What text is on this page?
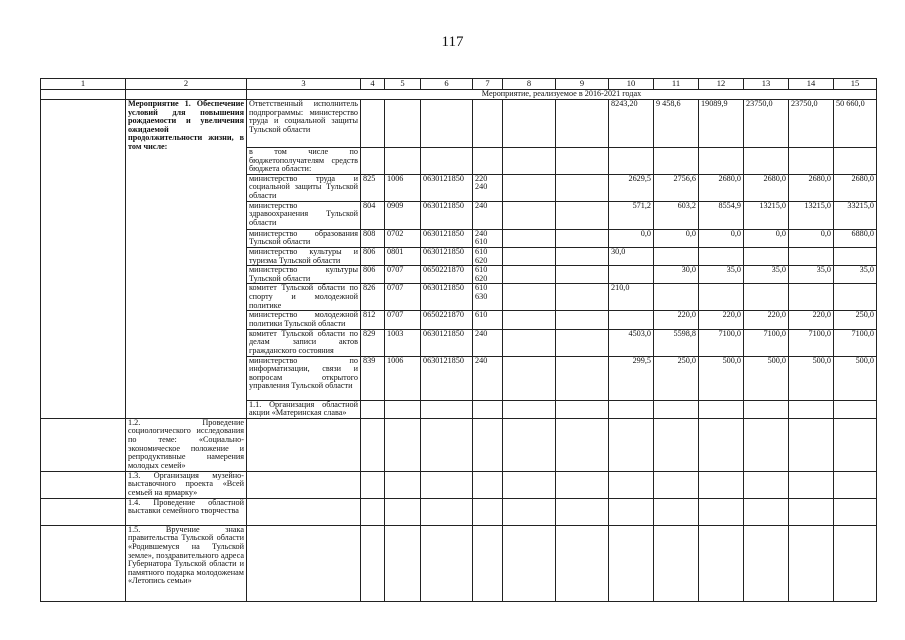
117
1	2	3	4	5	6	7	8	9	10	11	12	13	14	15	
		Мероприятие, реализуемое в 2016-2021 годах													
	Мероприятие 1. Обеспечение условий для повышения рождаемости и увеличения ожидаемой продолжительности жизни, в том числе:	Ответственный исполнитель подпрограммы: министерство труда и социальной защиты Тульской области							8243,20	9 458,6	19089,9	23750,0	23750,0	50 660,0	
		в том числе по бюджетополучателям средств бюджета области:													
		министерство труда и социальной защиты Тульской области	825	1006	0630121850	220 240			2629,5	2756,6	2680,0	2680,0	2680,0	2680,0	
		министерство здравоохранения Тульской области	804	0909	0630121850	240			571,2	603,2	8554,9	13215,0	13215,0	33215,0	
		министерство образования Тульской области	808	0702	0630121850	240 610			0,0	0,0	0,0	0,0	0,0	6880,0	
		министерство культуры и туризма Тульской области	806	0801	0630121850	610 620			30,0						
		министерство культуры Тульской области	806	0707	0650221870	610 620				30,0	35,0	35,0	35,0	35,0	
		комитет Тульской области по спорту и молодежной политике	826	0707	0630121850	610 630			210,0						
		министерство молодежной политики Тульской области	812	0707	0650221870	610				220,0	220,0	220,0	220,0	250,0	
		комитет Тульской области по делам записи актов гражданского состояния	829	1003	0630121850	240			4503,0	5598,8	7100,0	7100,0	7100,0	7100,0	
		министерство по информатизации, связи и вопросам открытого управления Тульской области	839	1006	0630121850	240			299,5	250,0	500,0	500,0	500,0	500,0	
		1.1. Организация областной акции «Материнская слава»													
	1.2. Проведение социологического исследования по теме: «Социально-экономическое положение и репродуктивные намерения молодых семей»														
	1.3. Организация музейно-выставочного проекта «Всей семьей на ярмарку»														
	1.4. Проведение областной выставки семейного творчества														
	1.5. Вручение знака правительства Тульской области «Родившемуся на Тульской земле», поздравительного адреса Губернатора Тульской области и памятного подарка молодоженам «Летопись семьи»														
